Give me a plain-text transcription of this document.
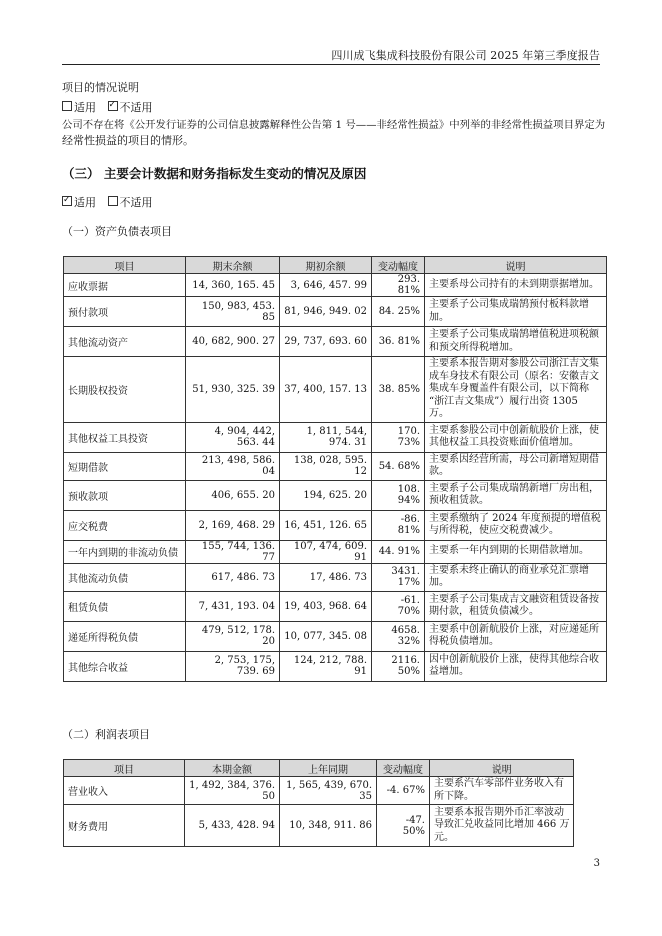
四川成飞集成科技股份有限公司 2025 年第三季度报告
项目的情况说明
适用 ✓ 不适用
公司不存在将《公开发行证券的公司信息披露解释性公告第 1 号——非经常性损益》中列举的非经常性损益项目界定为
经常性损益的项目的情形。
（三） 主要会计数据和财务指标发生变动的情况及原因
✓适用 不适用
（一）资产负债表项目
项目	期末余额	期初余额	变动幅度	说明
应收票据	14, 360, 165. 45	3, 646, 457. 99	293. 81%	主要系母公司持有的未到期票据增加。

预付款项	150, 983, 453. 85	81, 946, 949. 02	84. 25%	主要系子公司集成瑞鹄预付板料款增
加。

其他流动资产	40, 682, 900. 27	29, 737, 693. 60	36. 81%	主要系子公司集成瑞鹄增值税进项税额
和预交所得税增加。

长期股权投资	51, 930, 325. 39	37, 400, 157. 13	38. 85%	主要系本报告期对参股公司浙江吉文集
成车身技术有限公司（原名：安徽吉文
集成车身覆盖件有限公司，以下简称
“浙江吉文集成”）履行出资 1305
万。

其他权益工具投资	4, 904, 442, 563. 44	1, 811, 544, 974. 31	170. 73%	主要系参股公司中创新航股价上涨，使
其他权益工具投资账面价值增加。

短期借款	213, 498, 586. 04	138, 028, 595. 12	54. 68%	主要系因经营所需，母公司新增短期借
款。

预收款项	406, 655. 20	194, 625. 20	108. 94%	主要系子公司集成瑞鹄新增厂房出租，
预收租赁款。

应交税费	2, 169, 468. 29	16, 451, 126. 65	-86. 81%	主要系缴纳了 2024 年度预提的增值税
与所得税，使应交税费减少。

一年内到期的非流动负债	155, 744, 136. 77	107, 474, 609. 91	44. 91%	主要系一年内到期的长期借款增加。

其他流动负债	617, 486. 73	17, 486. 73	3431. 17%	主要系未终止确认的商业承兑汇票增
加。

租赁负债	7, 431, 193. 04	19, 403, 968. 64	-61. 70%	主要系子公司集成吉文融资租赁设备按
期付款，租赁负债减少。

递延所得税负债	479, 512, 178. 20	10, 077, 345. 08	4658. 32%	主要系中创新航股价上涨，对应递延所
得税负债增加。

其他综合收益	2, 753, 175, 739. 69	124, 212, 788. 91	2116. 50%	因中创新航股价上涨，使得其他综合收
益增加。
（二）利润表项目
项目	本期金额	上年同期	变动幅度	说明
营业收入	1, 492, 384, 376. 50	1, 565, 439, 670. 35	-4. 67%	主要系汽车零部件业务收入有
所下降。

财务费用	5, 433, 428. 94	10, 348, 911. 86	-47. 50%	主要系本报告期外币汇率波动
导致汇兑收益同比增加 466 万
元。
3
